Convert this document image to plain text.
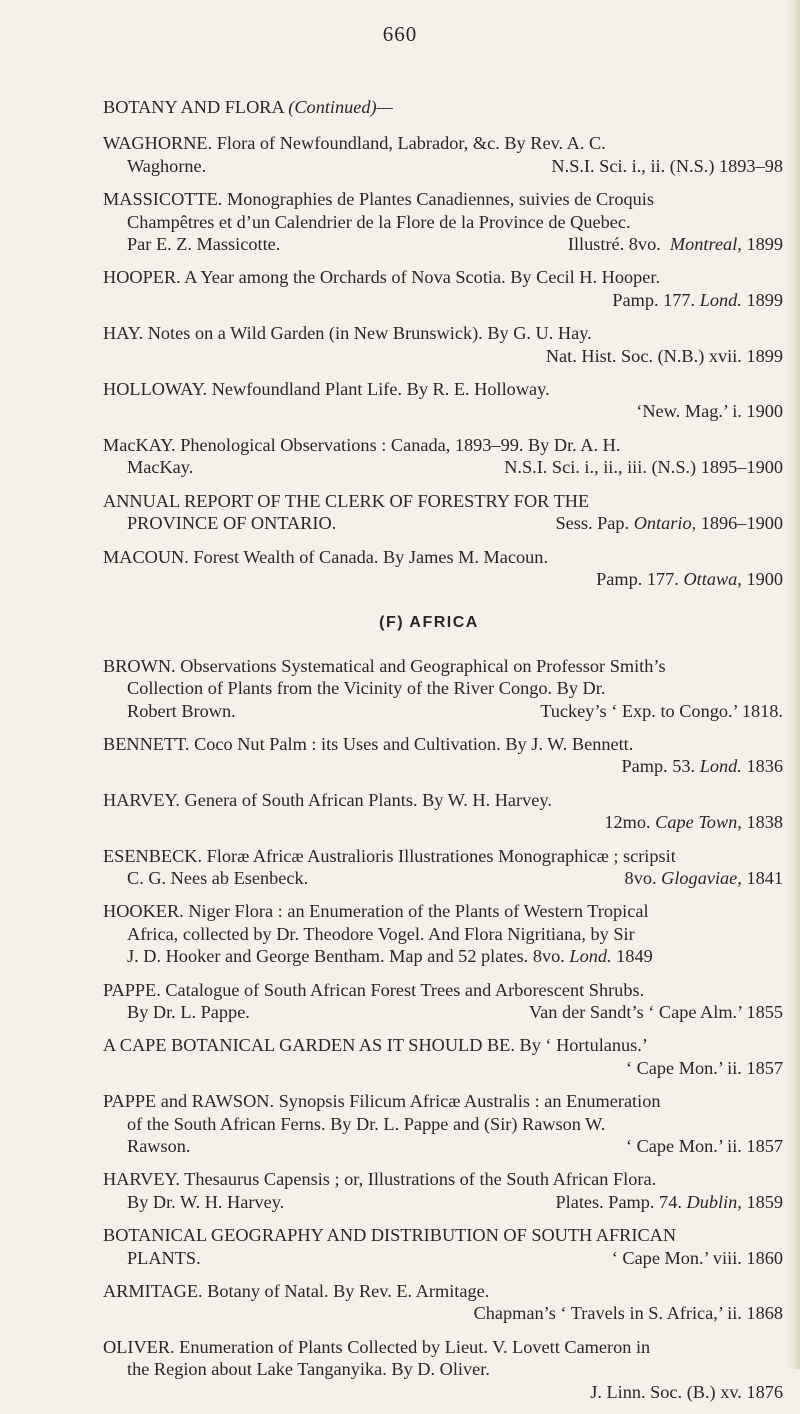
660
BOTANY AND FLORA (Continued)—
WAGHORNE. Flora of Newfoundland, Labrador, &c. By Rev. A. C.
Waghorne.	N.S.I. Sci. i., ii. (N.S.) 1893–98
MASSICOTTE. Monographies de Plantes Canadiennes, suivies de Croquis
Champêtres et d’un Calendrier de la Flore de la Province de Quebec.
Par E. Z. Massicotte.	Illustré. 8vo. Montreal, 1899
HOOPER. A Year among the Orchards of Nova Scotia. By Cecil H. Hooper.
Pamp. 177. Lond. 1899
HAY. Notes on a Wild Garden (in New Brunswick). By G. U. Hay.
Nat. Hist. Soc. (N.B.) xvii. 1899
HOLLOWAY. Newfoundland Plant Life. By R. E. Holloway.
‘New. Mag.’ i. 1900
MacKAY. Phenological Observations : Canada, 1893–99. By Dr. A. H.
MacKay.	N.S.I. Sci. i., ii., iii. (N.S.) 1895–1900
ANNUAL REPORT OF THE CLERK OF FORESTRY FOR THE
PROVINCE OF ONTARIO.	Sess. Pap. Ontario, 1896–1900
MACOUN. Forest Wealth of Canada. By James M. Macoun.
Pamp. 177. Ottawa, 1900
(F) AFRICA
BROWN. Observations Systematical and Geographical on Professor Smith’s
Collection of Plants from the Vicinity of the River Congo. By Dr.
Robert Brown.	Tuckey’s ‘ Exp. to Congo.’ 1818.
BENNETT. Coco Nut Palm : its Uses and Cultivation. By J. W. Bennett.
Pamp. 53. Lond. 1836
HARVEY. Genera of South African Plants. By W. H. Harvey.
12mo. Cape Town, 1838
ESENBECK. Floræ Africæ Australioris Illustrationes Monographicæ ; scripsit
C. G. Nees ab Esenbeck.	8vo. Glogaviae, 1841
HOOKER. Niger Flora : an Enumeration of the Plants of Western Tropical
Africa, collected by Dr. Theodore Vogel. And Flora Nigritiana, by Sir
J. D. Hooker and George Bentham. Map and 52 plates. 8vo. Lond. 1849
PAPPE. Catalogue of South African Forest Trees and Arborescent Shrubs.
By Dr. L. Pappe.	Van der Sandt’s ‘ Cape Alm.’ 1855
A CAPE BOTANICAL GARDEN AS IT SHOULD BE. By ‘ Hortulanus.’
‘ Cape Mon.’ ii. 1857
PAPPE and RAWSON. Synopsis Filicum Africæ Australis : an Enumeration
of the South African Ferns. By Dr. L. Pappe and (Sir) Rawson W.
Rawson.	‘ Cape Mon.’ ii. 1857
HARVEY. Thesaurus Capensis ; or, Illustrations of the South African Flora.
By Dr. W. H. Harvey.	Plates. Pamp. 74. Dublin, 1859
BOTANICAL GEOGRAPHY AND DISTRIBUTION OF SOUTH AFRICAN
PLANTS.	‘ Cape Mon.’ viii. 1860
ARMITAGE. Botany of Natal. By Rev. E. Armitage.
Chapman’s ‘ Travels in S. Africa,’ ii. 1868
OLIVER. Enumeration of Plants Collected by Lieut. V. Lovett Cameron in
the Region about Lake Tanganyika. By D. Oliver.
J. Linn. Soc. (B.) xv. 1876
